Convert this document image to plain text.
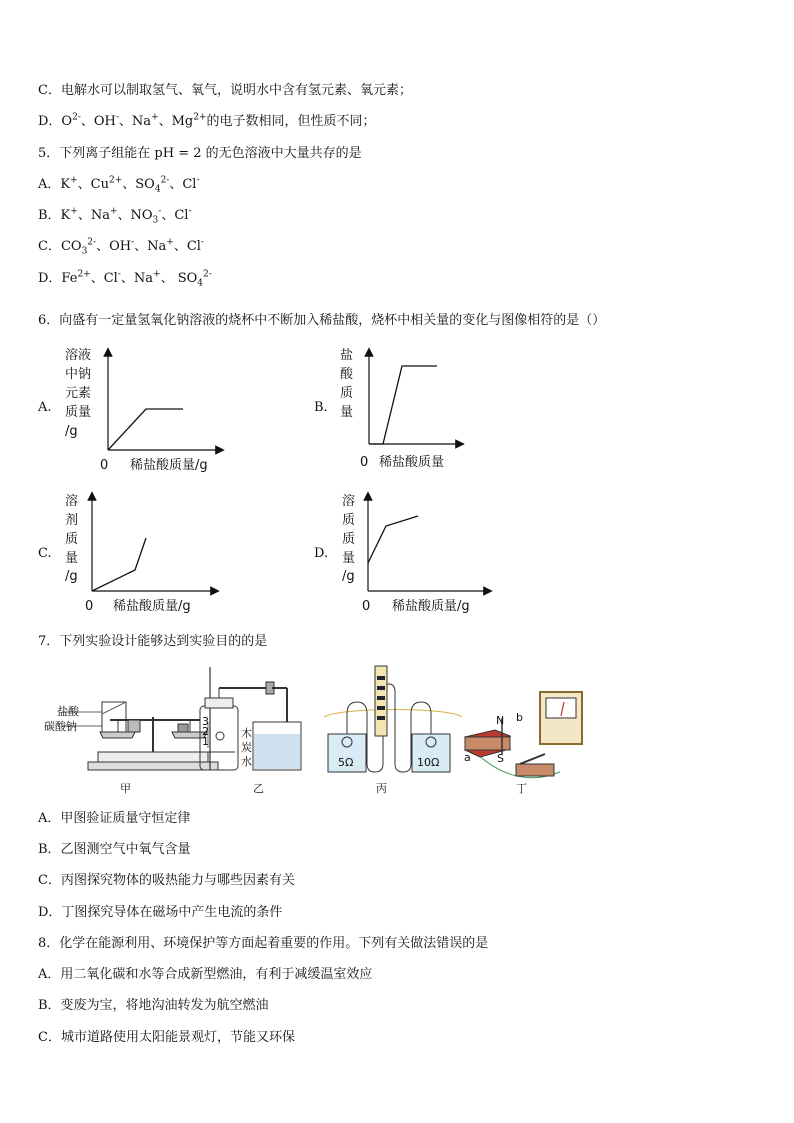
C．电解水可以制取氢气、氧气，说明水中含有氢元素、氧元素；
D．$O^{2-}$、OH-、Na+、$Mg^{2+}$的电子数相同，但性质不同；
5．下列离子组能在 pH = 2 的无色溶液中大量共存的是
A．K+、$Cu^{2+}$、$SO_4^{2-}$、Cl-
B．K+、Na+、$NO_3^-$、Cl-
C．$CO_3^{2-}$、OH-、Na+、Cl-
D．$Fe^{2+}$、Cl-、Na+、 $SO_4^{2-}$
6．向盛有一定量氢氧化钠溶液的烧杯中不断加入稀盐酸，烧杯中相关量的变化与图像相符的是（）
A.	B.
C.	D.
溶液
中钠
元素
质量
/g
0 稀盐酸质量/g
盐
酸
质
量
0 稀盐酸质量
溶
剂
质
量
/g
0 稀盐酸质量/g
溶
质
质
量
/g
0 稀盐酸质量/g
7．下列实验设计能够达到实验目的的是
盐酸
碳酸钠
甲
3
2
1
木
炭
水
乙
5Ω	10Ω
丙
N b
a S
丁
A．甲图验证质量守恒定律
B．乙图测空气中氧气含量
C．丙图探究物体的吸热能力与哪些因素有关
D．丁图探究导体在磁场中产生电流的条件
8．化学在能源利用、环境保护等方面起着重要的作用。下列有关做法错误的是
A．用二氧化碳和水等合成新型燃油，有利于减缓温室效应
B．变废为宝，将地沟油转发为航空燃油
C．城市道路使用太阳能景观灯，节能又环保
